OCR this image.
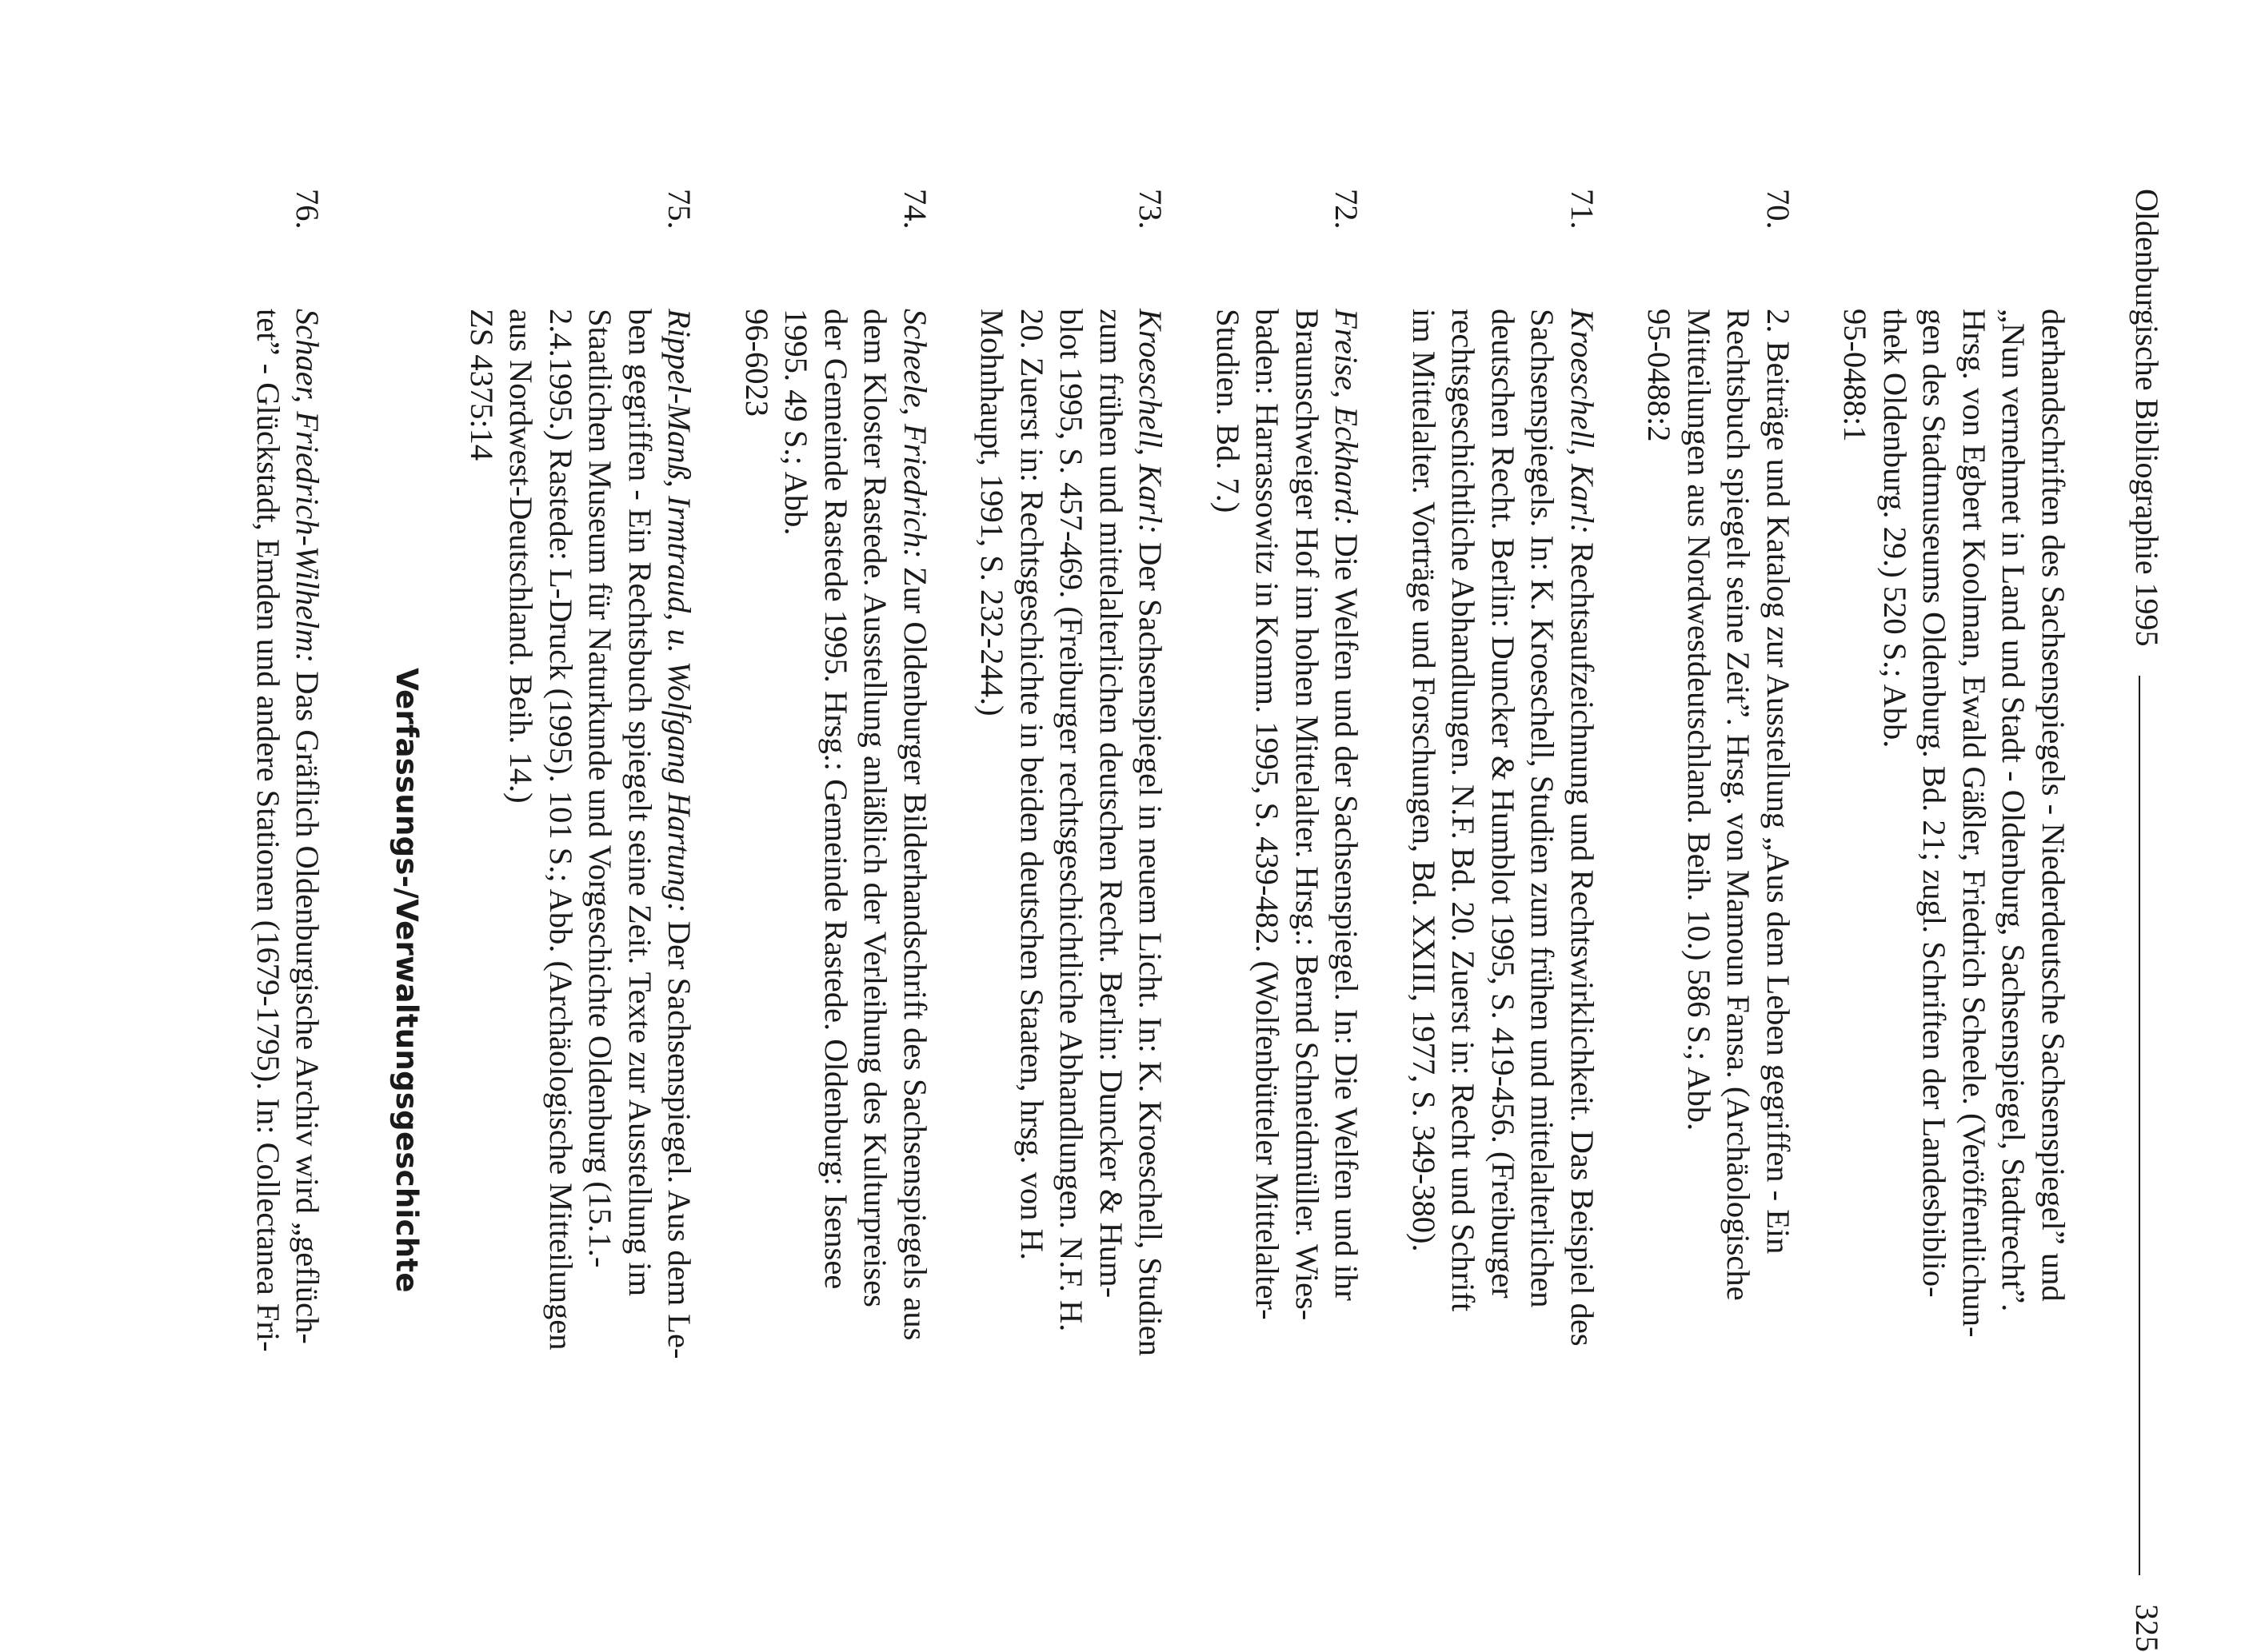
Oldenburgische Bibliographie 1995
325
derhandschriften des Sachsenspiegels - Niederdeutsche Sachsenspiegel” und
„Nun vernehmet in Land und Stadt - Oldenburg, Sachsenspiegel, Stadtrecht”.
Hrsg. von Egbert Koolman, Ewald Gäßler, Friedrich Scheele. (Veröffentlichun-
gen des Stadtmuseums Oldenburg. Bd. 21; zugl. Schriften der Landesbiblio-
thek Oldenburg. 29.) 520 S.; Abb.
95-0488:1
70.
2. Beiträge und Katalog zur Ausstellung „Aus dem Leben gegriffen - Ein
Rechtsbuch spiegelt seine Zeit”. Hrsg. von Mamoun Fansa. (Archäologische
Mitteilungen aus Nordwestdeutschland. Beih. 10.) 586 S.; Abb.
95-0488:2
71.
Kroeschell, Karl: Rechtsaufzeichnung und Rechtswirklichkeit. Das Beispiel des
Sachsenspiegels. In: K. Kroeschell, Studien zum frühen und mittelalterlichen
deutschen Recht. Berlin: Duncker & Humblot 1995, S. 419-456. (Freiburger
rechtsgeschichtliche Abhandlungen. N.F. Bd. 20. Zuerst in: Recht und Schrift
im Mittelalter. Vorträge und Forschungen, Bd. XXIII, 1977, S. 349-380).
72.
Freise, Eckhard: Die Welfen und der Sachsenspiegel. In: Die Welfen und ihr
Braunschweiger Hof im hohen Mittelalter. Hrsg.: Bernd Schneidmüller. Wies-
baden: Harrassowitz in Komm. 1995, S. 439-482. (Wolfenbütteler Mittelalter-
Studien. Bd. 7.)
73.
Kroeschell, Karl: Der Sachsenspiegel in neuem Licht. In: K. Kroeschell, Studien
zum frühen und mittelalterlichen deutschen Recht. Berlin: Duncker & Hum-
blot 1995, S. 457-469. (Freiburger rechtsgeschichtliche Abhandlungen. N.F. H.
20. Zuerst in: Rechtsgeschichte in beiden deutschen Staaten, hrsg. von H.
Mohnhaupt, 1991, S. 232-244.)
74.
Scheele, Friedrich: Zur Oldenburger Bilderhandschrift des Sachsenspiegels aus
dem Kloster Rastede. Ausstellung anläßlich der Verleihung des Kulturpreises
der Gemeinde Rastede 1995. Hrsg.: Gemeinde Rastede. Oldenburg: Isensee
1995. 49 S.; Abb.
96-6023
75.
Rippel-Manß, Irmtraud, u. Wolfgang Hartung: Der Sachsenspiegel. Aus dem Le-
ben gegriffen - Ein Rechtsbuch spiegelt seine Zeit. Texte zur Ausstellung im
Staatlichen Museum für Naturkunde und Vorgeschichte Oldenburg (15.1.-
2.4.1995.) Rastede: L-Druck (1995). 101 S.; Abb. (Archäologische Mitteilungen
aus Nordwest-Deutschland. Beih. 14.)
ZS 4375:14
Verfassungs-/Verwaltungsgeschichte
76.
Schaer, Friedrich-Wilhelm: Das Gräflich Oldenburgische Archiv wird „geflüch-
tet” - Glückstadt, Emden und andere Stationen (1679-1795). In: Collectanea Fri-
